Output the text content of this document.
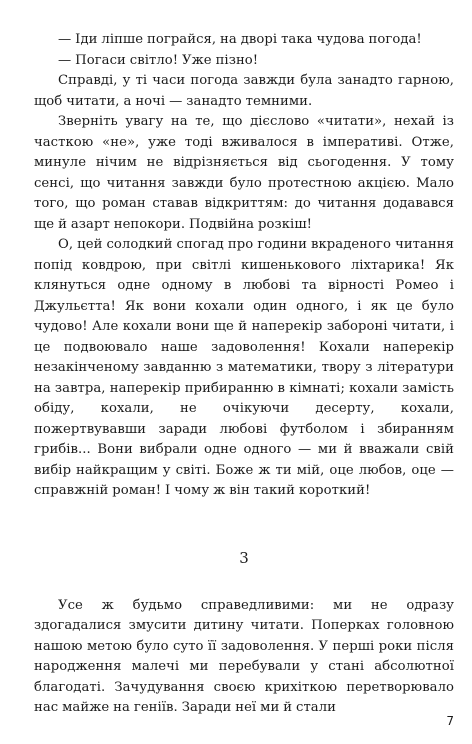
— Іди ліпше пограйся, на дворі така чудова погода!

— Погаси світло! Уже пізно!

Справді, у ті часи погода завжди була занадто гарною, щоб читати, а ночі — занадто темними.

Зверніть увагу на те, що дієслово «читати», нехай із часткою «не», уже тоді вживалося в імперативі. Отже, минуле нічим не відрізняється від сьогодення. У тому сенсі, що читання завжди було протестною акцією. Мало того, що роман ставав відкриттям: до читання додавався ще й азарт непокори. Подвійна розкіш!

О, цей солодкий спогад про години вкраденого читання попід ковдрою, при світлі кишенькового ліхтарика! Як клянуться одне одному в любові та вірності Ромео і Джульєтта! Як вони кохали один одного, і як це було чудово! Але кохали вони ще й наперекір забороні читати, і це подвоювало наше задоволення! Кохали наперекір незакінченому завданню з математики, твору з літератури на завтра, наперекір прибиранню в кімнаті; кохали замість обіду, кохали, не очікуючи десерту, кохали, пожертвувавши заради любові футболом і збиранням грибів... Вони вибрали одне одного — ми й вважали свій вибір найкращим у світі. Боже ж ти мій, оце любов, оце — справжній роман! І чому ж він такий короткий!

3

Усе ж будьмо справедливими: ми не одразу здогадалися змусити дитину читати. Поперках головною нашою метою було суто її задоволення. У перші роки після народження малечі ми перебували у стані абсолютної благодаті. Зачудування своєю крихіткою перетворювало нас майже на геніїв. Заради неї ми й стали

7
